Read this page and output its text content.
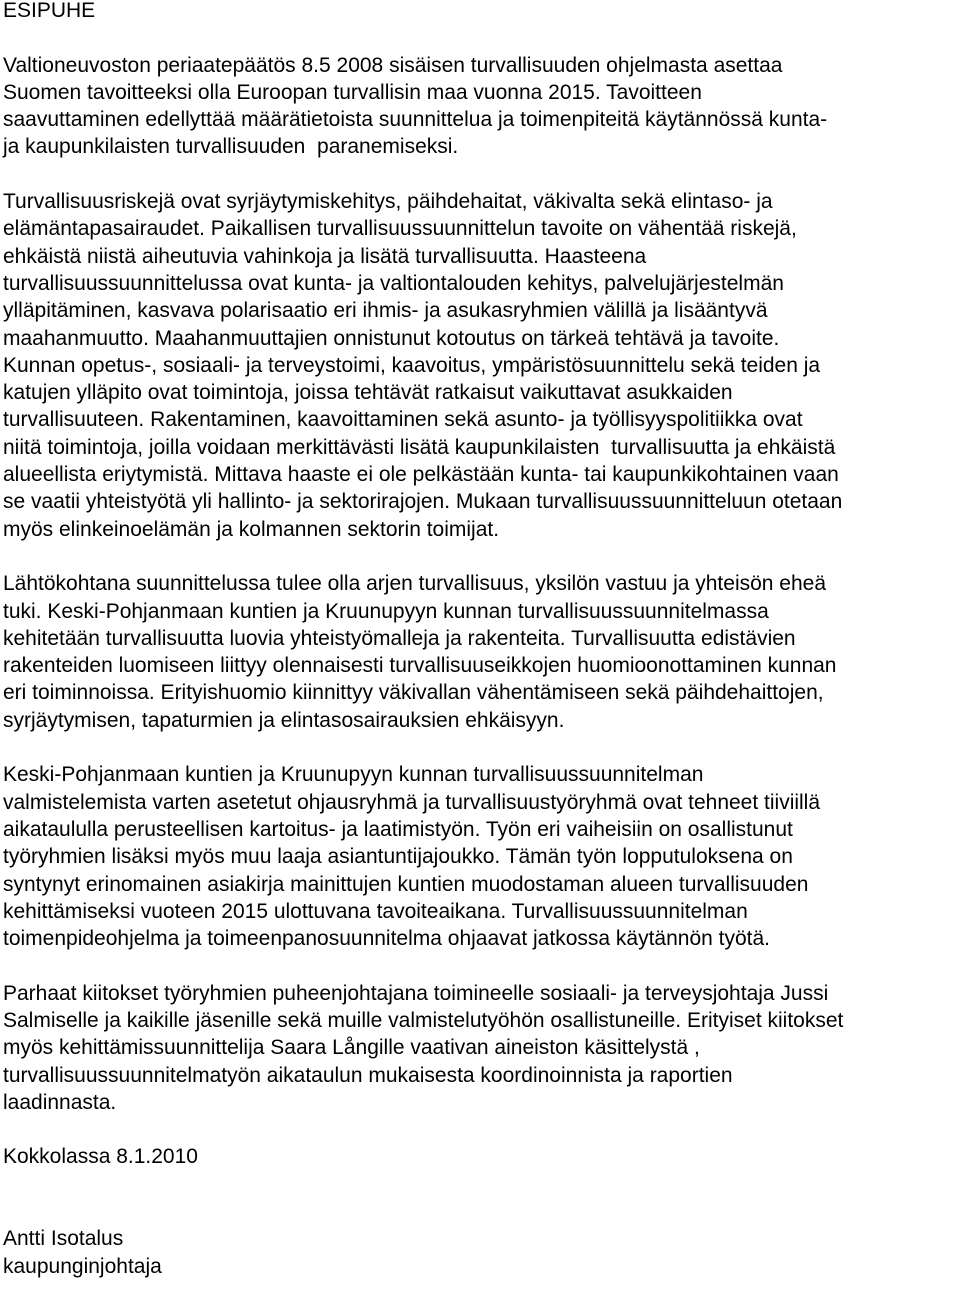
ESIPUHE
Valtioneuvoston periaatepäätös 8.5 2008 sisäisen turvallisuuden ohjelmasta asettaa
Suomen tavoitteeksi olla Euroopan turvallisin maa vuonna 2015. Tavoitteen
saavuttaminen edellyttää määrätietoista suunnittelua ja toimenpiteitä käytännössä kunta-
ja kaupunkilaisten turvallisuuden  paranemiseksi.
Turvallisuusriskejä ovat syrjäytymiskehitys, päihdehaitat, väkivalta sekä elintaso- ja
elämäntapasairaudet. Paikallisen turvallisuussuunnittelun tavoite on vähentää riskejä,
ehkäistä niistä aiheutuvia vahinkoja ja lisätä turvallisuutta. Haasteena
turvallisuussuunnittelussa ovat kunta- ja valtiontalouden kehitys, palvelujärjestelmän
ylläpitäminen, kasvava polarisaatio eri ihmis- ja asukasryhmien välillä ja lisääntyvä
maahanmuutto. Maahanmuuttajien onnistunut kotoutus on tärkeä tehtävä ja tavoite.
Kunnan opetus-, sosiaali- ja terveystoimi, kaavoitus, ympäristösuunnittelu sekä teiden ja
katujen ylläpito ovat toimintoja, joissa tehtävät ratkaisut vaikuttavat asukkaiden
turvallisuuteen. Rakentaminen, kaavoittaminen sekä asunto- ja työllisyyspolitiikka ovat
niitä toimintoja, joilla voidaan merkittävästi lisätä kaupunkilaisten  turvallisuutta ja ehkäistä
alueellista eriytymistä. Mittava haaste ei ole pelkästään kunta- tai kaupunkikohtainen vaan
se vaatii yhteistyötä yli hallinto- ja sektorirajojen. Mukaan turvallisuussuunnitteluun otetaan
myös elinkeinoelämän ja kolmannen sektorin toimijat.
Lähtökohtana suunnittelussa tulee olla arjen turvallisuus, yksilön vastuu ja yhteisön eheä
tuki. Keski-Pohjanmaan kuntien ja Kruunupyyn kunnan turvallisuussuunnitelmassa
kehitetään turvallisuutta luovia yhteistyömalleja ja rakenteita. Turvallisuutta edistävien
rakenteiden luomiseen liittyy olennaisesti turvallisuuseikkojen huomioonottaminen kunnan
eri toiminnoissa. Erityishuomio kiinnittyy väkivallan vähentämiseen sekä päihdehaittojen,
syrjäytymisen, tapaturmien ja elintasosairauksien ehkäisyyn.
Keski-Pohjanmaan kuntien ja Kruunupyyn kunnan turvallisuussuunnitelman
valmistelemista varten asetetut ohjausryhmä ja turvallisuustyöryhmä ovat tehneet tiiviillä
aikataululla perusteellisen kartoitus- ja laatimistyön. Työn eri vaiheisiin on osallistunut
työryhmien lisäksi myös muu laaja asiantuntijajoukko. Tämän työn lopputuloksena on
syntynyt erinomainen asiakirja mainittujen kuntien muodostaman alueen turvallisuuden
kehittämiseksi vuoteen 2015 ulottuvana tavoiteaikana. Turvallisuussuunnitelman
toimenpideohjelma ja toimeenpanosuunnitelma ohjaavat jatkossa käytännön työtä.
Parhaat kiitokset työryhmien puheenjohtajana toimineelle sosiaali- ja terveysjohtaja Jussi
Salmiselle ja kaikille jäsenille sekä muille valmistelutyöhön osallistuneille. Erityiset kiitokset
myös kehittämissuunnittelija Saara Långille vaativan aineiston käsittelystä ,
turvallisuussuunnitelmatyön aikataulun mukaisesta koordinoinnista ja raportien
laadinnasta.
Kokkolassa 8.1.2010
Antti Isotalus
kaupunginjohtaja
